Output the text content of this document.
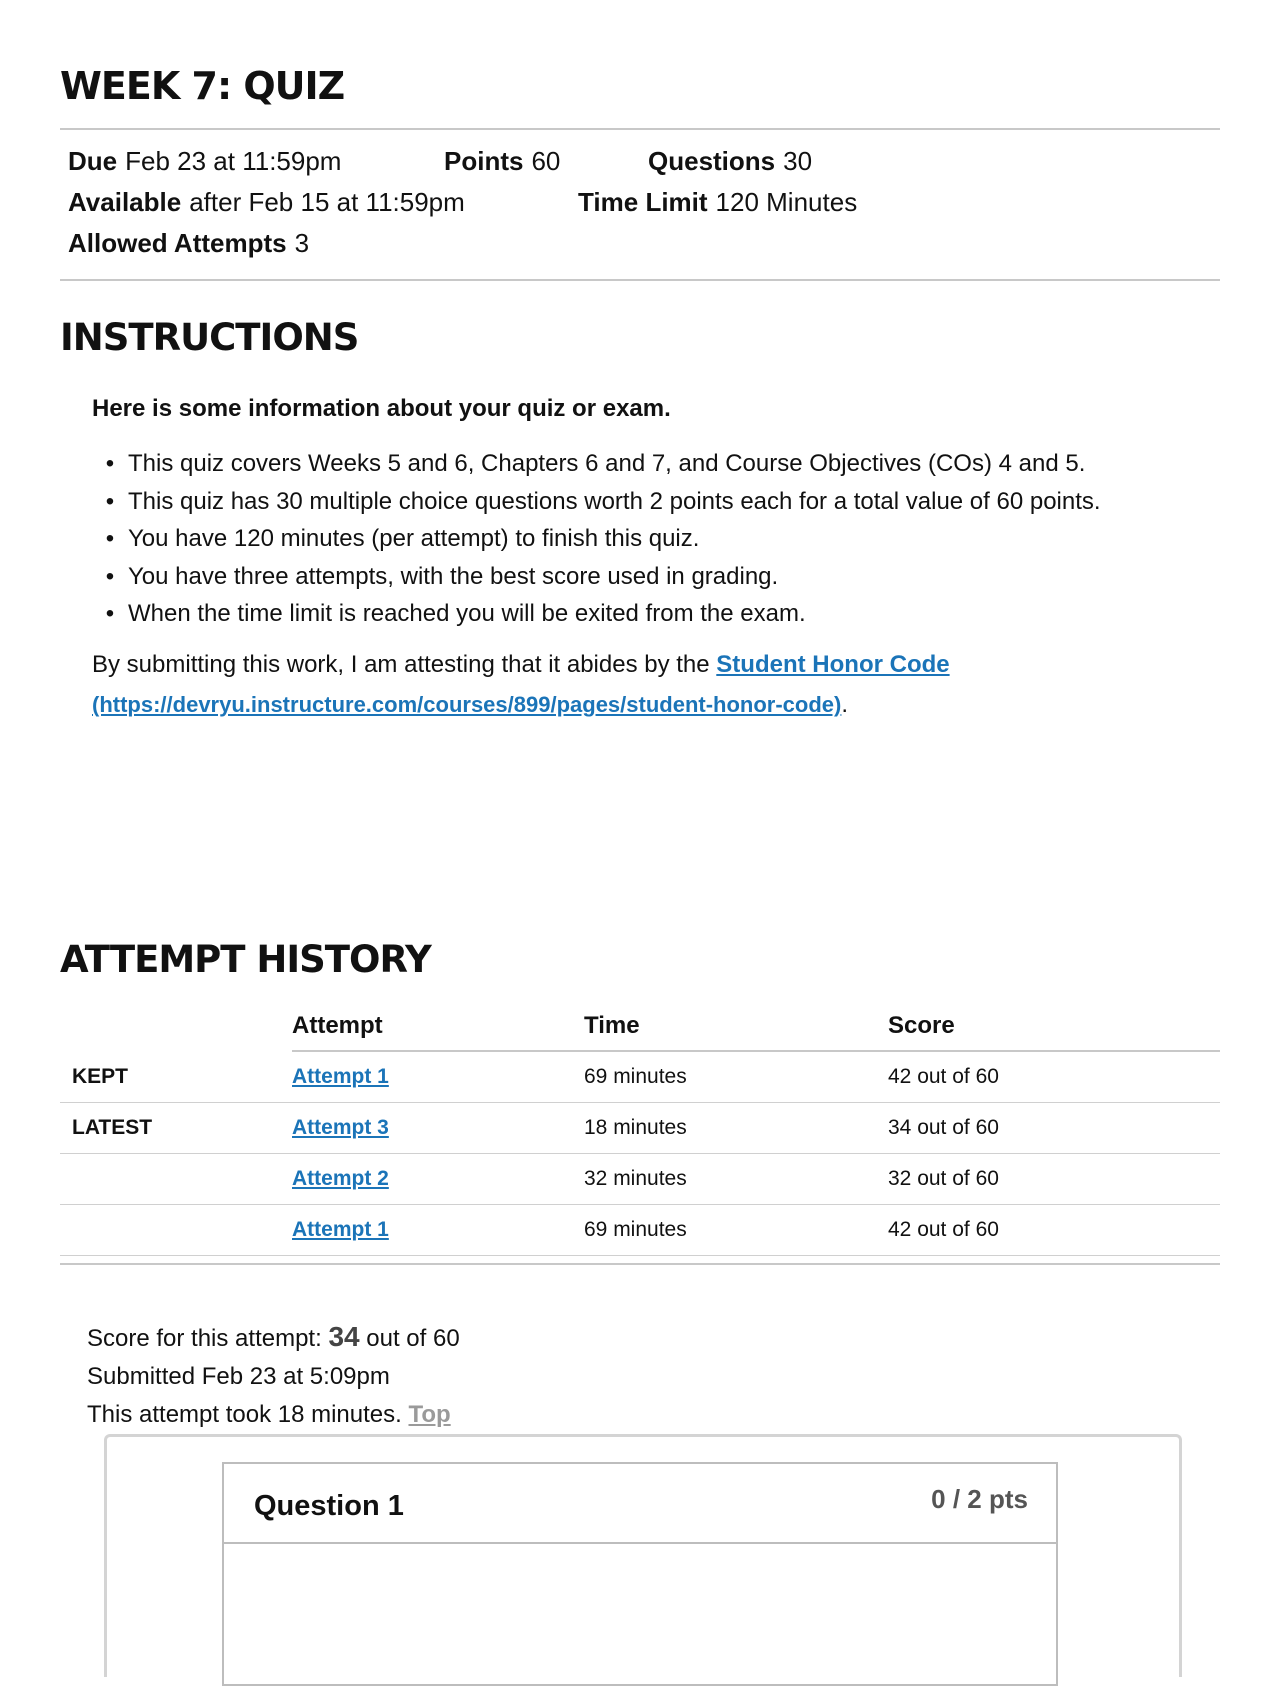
WEEK 7: QUIZ
Due Feb 23 at 11:59pm	Points 60	Questions 30
Available after Feb 15 at 11:59pm	Time Limit 120 Minutes
Allowed Attempts 3
INSTRUCTIONS
Here is some information about your quiz or exam.
• This quiz covers Weeks 5 and 6, Chapters 6 and 7, and Course Objectives (COs) 4 and 5.
• This quiz has 30 multiple choice questions worth 2 points each for a total value of 60 points.
• You have 120 minutes (per attempt) to finish this quiz.
• You have three attempts, with the best score used in grading.
• When the time limit is reached you will be exited from the exam.
By submitting this work, I am attesting that it abides by the Student Honor Code
(https://devryu.instructure.com/courses/899/pages/student-honor-code).
ATTEMPT HISTORY
	Attempt	Time	Score
KEPT	Attempt 1	69 minutes	42 out of 60
LATEST	Attempt 3	18 minutes	34 out of 60
	Attempt 2	32 minutes	32 out of 60
	Attempt 1	69 minutes	42 out of 60
Score for this attempt: 34 out of 60
Submitted Feb 23 at 5:09pm
This attempt took 18 minutes. Top
Question 1	0 / 2 pts
